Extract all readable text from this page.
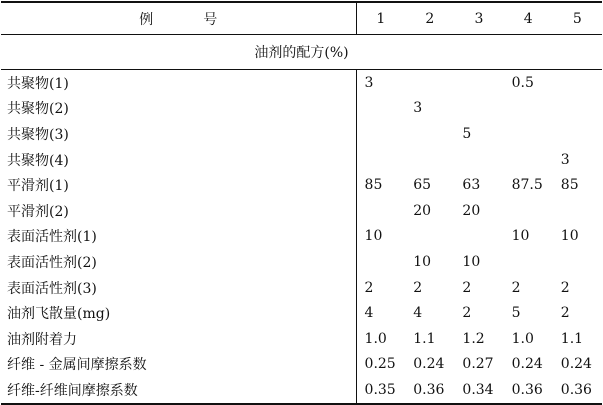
例号	1	2	3	4	5
油剂的配方(%)					
共聚物(1)	3			0.5	
共聚物(2)		3			
共聚物(3)			5		
共聚物(4)					3
平滑剂(1)	85	65	63	87.5	85
平滑剂(2)		20	20		
表面活性剂(1)	10			10	10
表面活性剂(2)		10	10		
表面活性剂(3)	2	2	2	2	2
油剂飞散量(mg)	4	4	2	5	2
油剂附着力	1.0	1.1	1.2	1.0	1.1
纤维 - 金属间摩擦系数	0.25	0.24	0.27	0.24	0.24
纤维-纤维间摩擦系数	0.35	0.36	0.34	0.36	0.36
